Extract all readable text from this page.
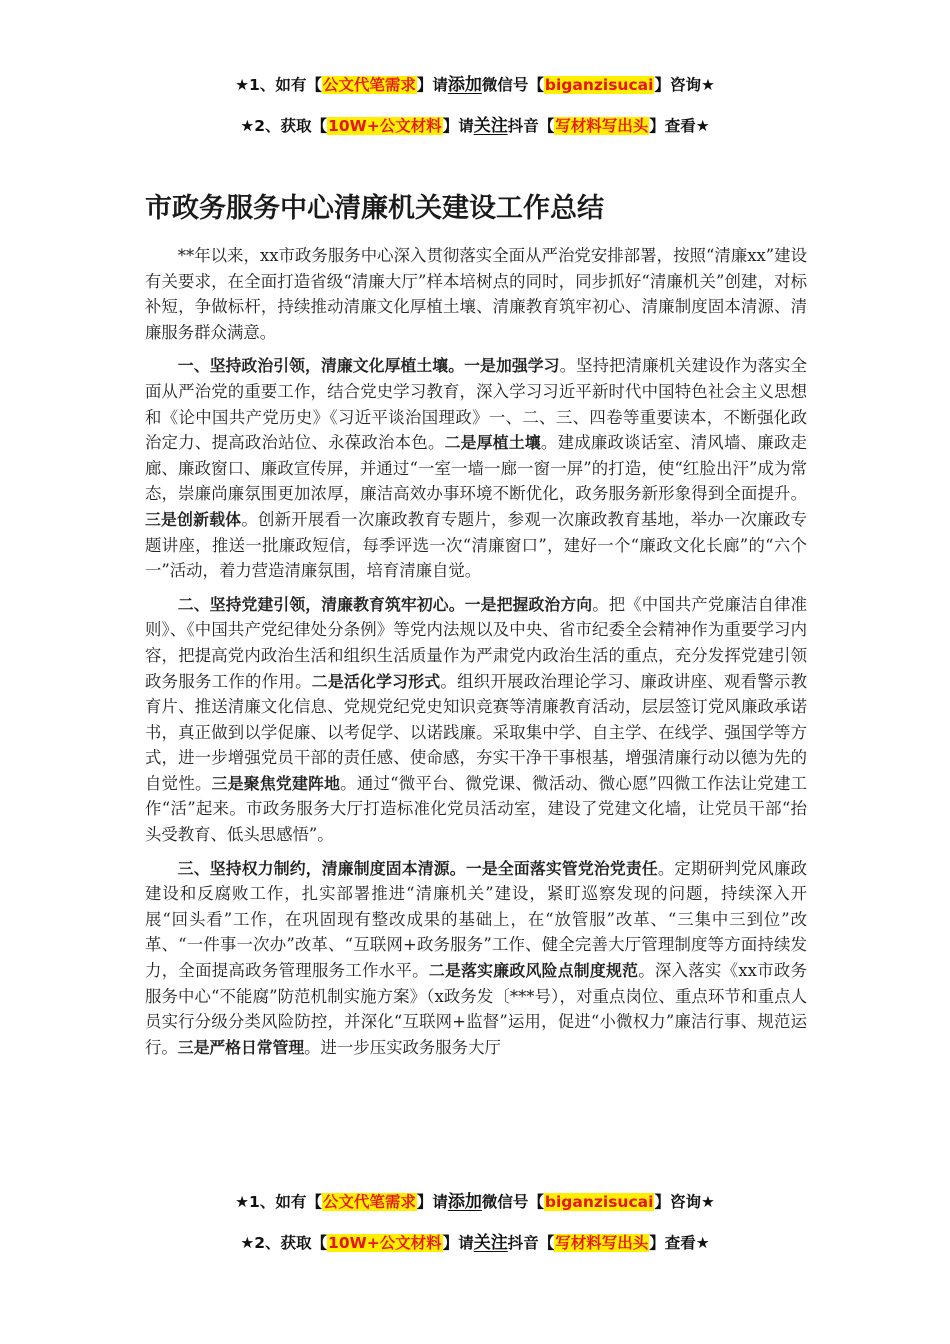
★1、如有【公文代笔需求】请添加微信号【biganzisucai】咨询★
★2、获取【10W+公文材料】请关注抖音【写材料写出头】查看★
市政务服务中心清廉机关建设工作总结

**年以来，xx市政务服务中心深入贯彻落实全面从严治党安排部署，按照“清廉xx”建设有关要求，在全面打造省级“清廉大厅”样本培树点的同时，同步抓好“清廉机关”创建，对标补短，争做标杆，持续推动清廉文化厚植土壤、清廉教育筑牢初心、清廉制度固本清源、清廉服务群众满意。

一、坚持政治引领，清廉文化厚植土壤。一是加强学习。坚持把清廉机关建设作为落实全面从严治党的重要工作，结合党史学习教育，深入学习习近平新时代中国特色社会主义思想和《论中国共产党历史》《习近平谈治国理政》一、二、三、四卷等重要读本，不断强化政治定力、提高政治站位、永葆政治本色。二是厚植土壤。建成廉政谈话室、清风墙、廉政走廊、廉政窗口、廉政宣传屏，并通过“一室一墙一廊一窗一屏”的打造，使“红脸出汗”成为常态，崇廉尚廉氛围更加浓厚，廉洁高效办事环境不断优化，政务服务新形象得到全面提升。三是创新载体。创新开展看一次廉政教育专题片，参观一次廉政教育基地，举办一次廉政专题讲座，推送一批廉政短信，每季评选一次“清廉窗口”，建好一个“廉政文化长廊”的“六个一”活动，着力营造清廉氛围，培育清廉自觉。

二、坚持党建引领，清廉教育筑牢初心。一是把握政治方向。把《中国共产党廉洁自律准则》、《中国共产党纪律处分条例》等党内法规以及中央、省市纪委全会精神作为重要学习内容，把提高党内政治生活和组织生活质量作为严肃党内政治生活的重点，充分发挥党建引领政务服务工作的作用。二是活化学习形式。组织开展政治理论学习、廉政讲座、观看警示教育片、推送清廉文化信息、党规党纪党史知识竞赛等清廉教育活动，层层签订党风廉政承诺书，真正做到以学促廉、以考促学、以诺践廉。采取集中学、自主学、在线学、强国学等方式，进一步增强党员干部的责任感、使命感，夯实干净干事根基，增强清廉行动以德为先的自觉性。三是聚焦党建阵地。通过“微平台、微党课、微活动、微心愿”四微工作法让党建工作“活”起来。市政务服务大厅打造标准化党员活动室，建设了党建文化墙，让党员干部“抬头受教育、低头思感悟”。

三、坚持权力制约，清廉制度固本清源。一是全面落实管党治党责任。定期研判党风廉政建设和反腐败工作，扎实部署推进“清廉机关”建设，紧盯巡察发现的问题，持续深入开展“回头看”工作，在巩固现有整改成果的基础上，在“放管服”改革、“三集中三到位”改革、“一件事一次办”改革、“互联网+政务服务”工作、健全完善大厅管理制度等方面持续发力，全面提高政务管理服务工作水平。二是落实廉政风险点制度规范。深入落实《xx市政务服务中心“不能腐”防范机制实施方案》（x政务发〔***号），对重点岗位、重点环节和重点人员实行分级分类风险防控，并深化“互联网+监督”运用，促进“小微权力”廉洁行事、规范运行。三是严格日常管理。进一步压实政务服务大厅

★1、如有【公文代笔需求】请添加微信号【biganzisucai】咨询★
★2、获取【10W+公文材料】请关注抖音【写材料写出头】查看★
